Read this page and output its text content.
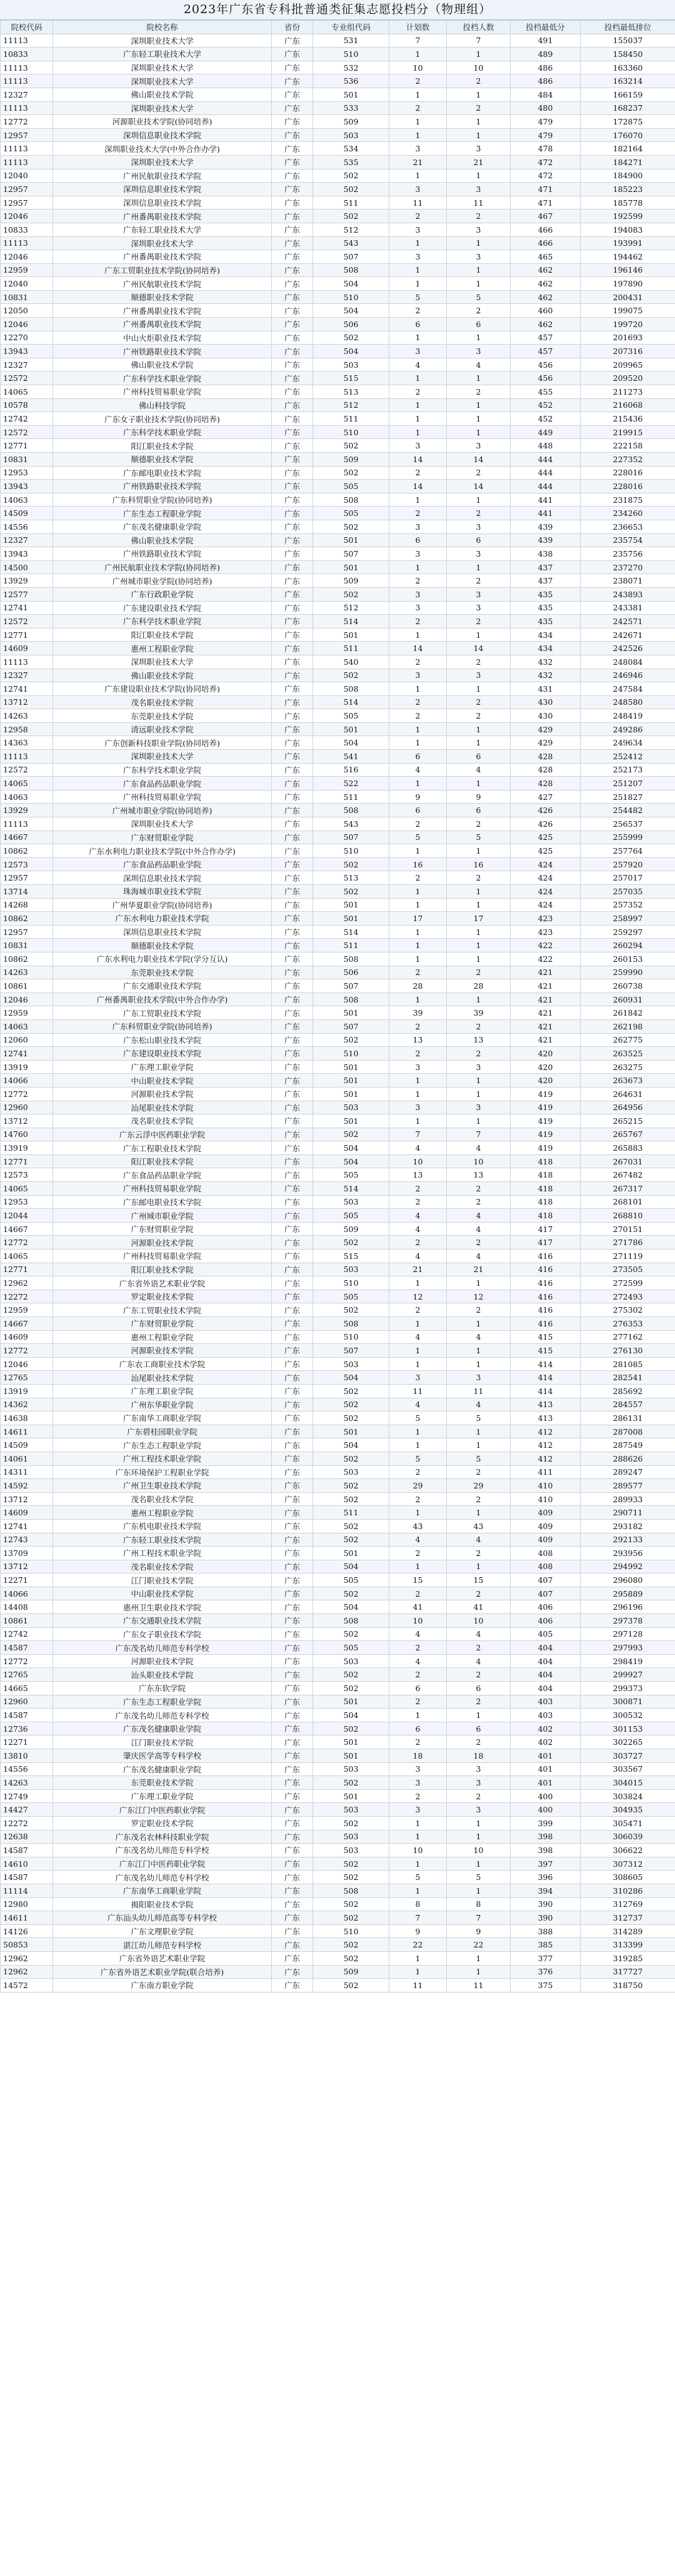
2023年广东省专科批普通类征集志愿投档分（物理组）
院校代码	院校名称	省份	专业组代码	计划数	投档人数	投档最低分	投档最低排位
11113	深圳职业技术大学	广东	531	7	7	491	155037
10833	广东轻工职业技术大学	广东	510	1	1	489	158450
11113	深圳职业技术大学	广东	532	10	10	486	163360
11113	深圳职业技术大学	广东	536	2	2	486	163214
12327	佛山职业技术学院	广东	501	1	1	484	166159
11113	深圳职业技术大学	广东	533	2	2	480	168237
12772	河源职业技术学院(协同培养)	广东	509	1	1	479	172875
12957	深圳信息职业技术学院	广东	503	1	1	479	176070
11113	深圳职业技术大学(中外合作办学)	广东	534	3	3	478	182164
11113	深圳职业技术大学	广东	535	21	21	472	184271
12040	广州民航职业技术学院	广东	502	1	1	472	184900
12957	深圳信息职业技术学院	广东	502	3	3	471	185223
12957	深圳信息职业技术学院	广东	511	11	11	471	185778
12046	广州番禺职业技术学院	广东	502	2	2	467	192599
10833	广东轻工职业技术大学	广东	512	3	3	466	194083
11113	深圳职业技术大学	广东	543	1	1	466	193991
12046	广州番禺职业技术学院	广东	507	3	3	465	194462
12959	广东工贸职业技术学院(协同培养)	广东	508	1	1	462	196146
12040	广州民航职业技术学院	广东	504	1	1	462	197890
10831	顺德职业技术学院	广东	510	5	5	462	200431
12050	广州番禺职业技术学院	广东	504	2	2	460	199075
12046	广州番禺职业技术学院	广东	506	6	6	462	199720
12270	中山火炬职业技术学院	广东	502	1	1	457	201693
13943	广州铁路职业技术学院	广东	504	3	3	457	207316
12327	佛山职业技术学院	广东	503	4	4	456	209965
12572	广东科学技术职业学院	广东	515	1	1	456	209520
14065	广州科技贸易职业学院	广东	513	2	2	455	211273
10578	佛山科技学院	广东	512	1	1	452	216068
12742	广东女子职业技术学院(协同培养)	广东	511	1	1	452	215436
12572	广东科学技术职业学院	广东	510	1	1	449	219915
12771	阳江职业技术学院	广东	502	3	3	448	222158
10831	顺德职业技术学院	广东	509	14	14	444	227352
12953	广东邮电职业技术学院	广东	502	2	2	444	228016
13943	广州铁路职业技术学院	广东	505	14	14	444	228016
14063	广东科贸职业学院(协同培养)	广东	508	1	1	441	231875
14509	广东生态工程职业学院	广东	505	2	2	441	234260
14556	广东茂名健康职业学院	广东	502	3	3	439	236653
12327	佛山职业技术学院	广东	501	6	6	439	235754
13943	广州铁路职业技术学院	广东	507	3	3	438	235756
14500	广州民航职业技术学院(协同培养)	广东	501	1	1	437	237270
13929	广州城市职业学院(协同培养)	广东	509	2	2	437	238071
12577	广东行政职业学院	广东	502	3	3	435	243893
12741	广东建设职业技术学院	广东	512	3	3	435	243381
12572	广东科学技术职业学院	广东	514	2	2	435	242571
12771	阳江职业技术学院	广东	501	1	1	434	242671
14609	惠州工程职业学院	广东	511	14	14	434	242526
11113	深圳职业技术大学	广东	540	2	2	432	248084
12327	佛山职业技术学院	广东	502	3	3	432	246946
12741	广东建设职业技术学院(协同培养)	广东	508	1	1	431	247584
13712	茂名职业技术学院	广东	514	2	2	430	248580
14263	东莞职业技术学院	广东	505	2	2	430	248419
12958	清远职业技术学院	广东	501	1	1	429	249286
14363	广东创新科技职业学院(协同培养)	广东	504	1	1	429	249634
11113	深圳职业技术大学	广东	541	6	6	428	252412
12572	广东科学技术职业学院	广东	516	4	4	428	252173
14065	广东食品药品职业学院	广东	522	1	1	428	251207
14063	广州科技贸易职业学院	广东	511	9	9	427	251827
13929	广州城市职业学院(协同培养)	广东	508	6	6	426	254482
11113	深圳职业技术大学	广东	543	2	2	426	256537
14667	广东财贸职业学院	广东	507	5	5	425	255999
10862	广东水利电力职业技术学院(中外合作办学)	广东	510	1	1	425	257764
12573	广东食品药品职业学院	广东	502	16	16	424	257920
12957	深圳信息职业技术学院	广东	513	2	2	424	257017
13714	珠海城市职业技术学院	广东	502	1	1	424	257035
14268	广州华夏职业学院(协同培养)	广东	501	1	1	424	257352
10862	广东水利电力职业技术学院	广东	501	17	17	423	258997
12957	深圳信息职业技术学院	广东	514	1	1	423	259297
10831	顺德职业技术学院	广东	511	1	1	422	260294
10862	广东水利电力职业技术学院(学分互认)	广东	508	1	1	422	260153
14263	东莞职业技术学院	广东	506	2	2	421	259990
10861	广东交通职业技术学院	广东	507	28	28	421	260738
12046	广州番禺职业技术学院(中外合作办学)	广东	508	1	1	421	260931
12959	广东工贸职业技术学院	广东	501	39	39	421	261842
14063	广东科贸职业学院(协同培养)	广东	507	2	2	421	262198
12060	广东松山职业技术学院	广东	502	13	13	421	262775
12741	广东建设职业技术学院	广东	510	2	2	420	263525
13919	广东理工职业学院	广东	501	3	3	420	263275
14066	中山职业技术学院	广东	501	1	1	420	263673
12772	河源职业技术学院	广东	501	1	1	419	264631
12960	汕尾职业技术学院	广东	503	3	3	419	264956
13712	茂名职业技术学院	广东	501	1	1	419	265215
14760	广东云浮中医药职业学院	广东	502	7	7	419	265767
13919	广东工程职业技术学院	广东	504	4	4	419	265883
12771	阳江职业技术学院	广东	504	10	10	418	267031
12573	广东食品药品职业学院	广东	505	13	13	418	267482
14065	广州科技贸易职业学院	广东	514	2	2	418	267317
12953	广东邮电职业技术学院	广东	503	2	2	418	268101
12044	广州城市职业学院	广东	505	4	4	418	268810
14667	广东财贸职业学院	广东	509	4	4	417	270151
12772	河源职业技术学院	广东	502	2	2	417	271786
14065	广州科技贸易职业学院	广东	515	4	4	416	271119
12771	阳江职业技术学院	广东	503	21	21	416	273505
12962	广东省外语艺术职业学院	广东	510	1	1	416	272599
12272	罗定职业技术学院	广东	505	12	12	416	272493
12959	广东工贸职业技术学院	广东	502	2	2	416	275302
14667	广东财贸职业学院	广东	508	1	1	416	276353
14609	惠州工程职业学院	广东	510	4	4	415	277162
12772	河源职业技术学院	广东	507	1	1	415	276130
12046	广东农工商职业技术学院	广东	503	1	1	414	281085
12765	汕尾职业技术学院	广东	504	3	3	414	282541
13919	广东理工职业学院	广东	502	11	11	414	285692
14362	广州东华职业学院	广东	502	4	4	413	284557
14638	广东南华工商职业学院	广东	502	5	5	413	286131
14611	广东碧桂园职业学院	广东	501	1	1	412	287008
14509	广东生态工程职业学院	广东	504	1	1	412	287549
14061	广州工程技术职业学院	广东	502	5	5	412	288626
14311	广东环境保护工程职业学院	广东	503	2	2	411	289247
14592	广州卫生职业技术学院	广东	502	29	29	410	289577
13712	茂名职业技术学院	广东	502	2	2	410	289933
14609	惠州工程职业学院	广东	511	1	1	409	290711
12741	广东机电职业技术学院	广东	502	43	43	409	293182
12743	广东轻工职业技术学院	广东	502	4	4	409	292133
13709	广州工程技术职业学院	广东	501	2	2	408	293956
13712	茂名职业技术学院	广东	504	1	1	408	294992
12271	江门职业技术学院	广东	505	15	15	407	296080
14066	中山职业技术学院	广东	502	2	2	407	295889
14408	惠州卫生职业技术学院	广东	504	41	41	406	296196
10861	广东交通职业技术学院	广东	508	10	10	406	297378
12742	广东女子职业技术学院	广东	502	4	4	405	297128
14587	广东茂名幼儿师范专科学校	广东	505	2	2	404	297993
12772	河源职业技术学院	广东	503	4	4	404	298419
12765	汕头职业技术学院	广东	502	2	2	404	299927
14665	广东东软学院	广东	502	6	6	404	299373
12960	广东生态工程职业学院	广东	501	2	2	403	300871
14587	广东茂名幼儿师范专科学校	广东	504	1	1	403	300532
12736	广东茂名健康职业学院	广东	502	6	6	402	301153
12271	江门职业技术学院	广东	501	2	2	402	302265
13810	肇庆医学高等专科学校	广东	501	18	18	401	303727
14556	广东茂名健康职业学院	广东	503	3	3	401	303567
14263	东莞职业技术学院	广东	502	3	3	401	304015
12749	广东理工职业学院	广东	501	2	2	400	303824
14427	广东江门中医药职业学院	广东	503	3	3	400	304935
12272	罗定职业技术学院	广东	502	1	1	399	305471
12638	广东茂名农林科技职业学院	广东	503	1	1	398	306039
14587	广东茂名幼儿师范专科学校	广东	503	10	10	398	306622
14610	广东江门中医药职业学院	广东	502	1	1	397	307312
14587	广东茂名幼儿师范专科学校	广东	502	5	5	396	308605
11114	广东南华工商职业学院	广东	508	1	1	394	310286
12980	揭阳职业技术学院	广东	502	8	8	390	312769
14611	广东汕头幼儿师范高等专科学校	广东	502	7	7	390	312737
14126	广东文理职业学院	广东	510	9	9	388	314289
50853	湛江幼儿师范专科学校	广东	502	22	22	385	313399
12962	广东省外语艺术职业学院	广东	502	1	1	377	319285
12962	广东省外语艺术职业学院(联合培养)	广东	509	1	1	376	317727
14572	广东南方职业学院	广东	502	11	11	375	318750
